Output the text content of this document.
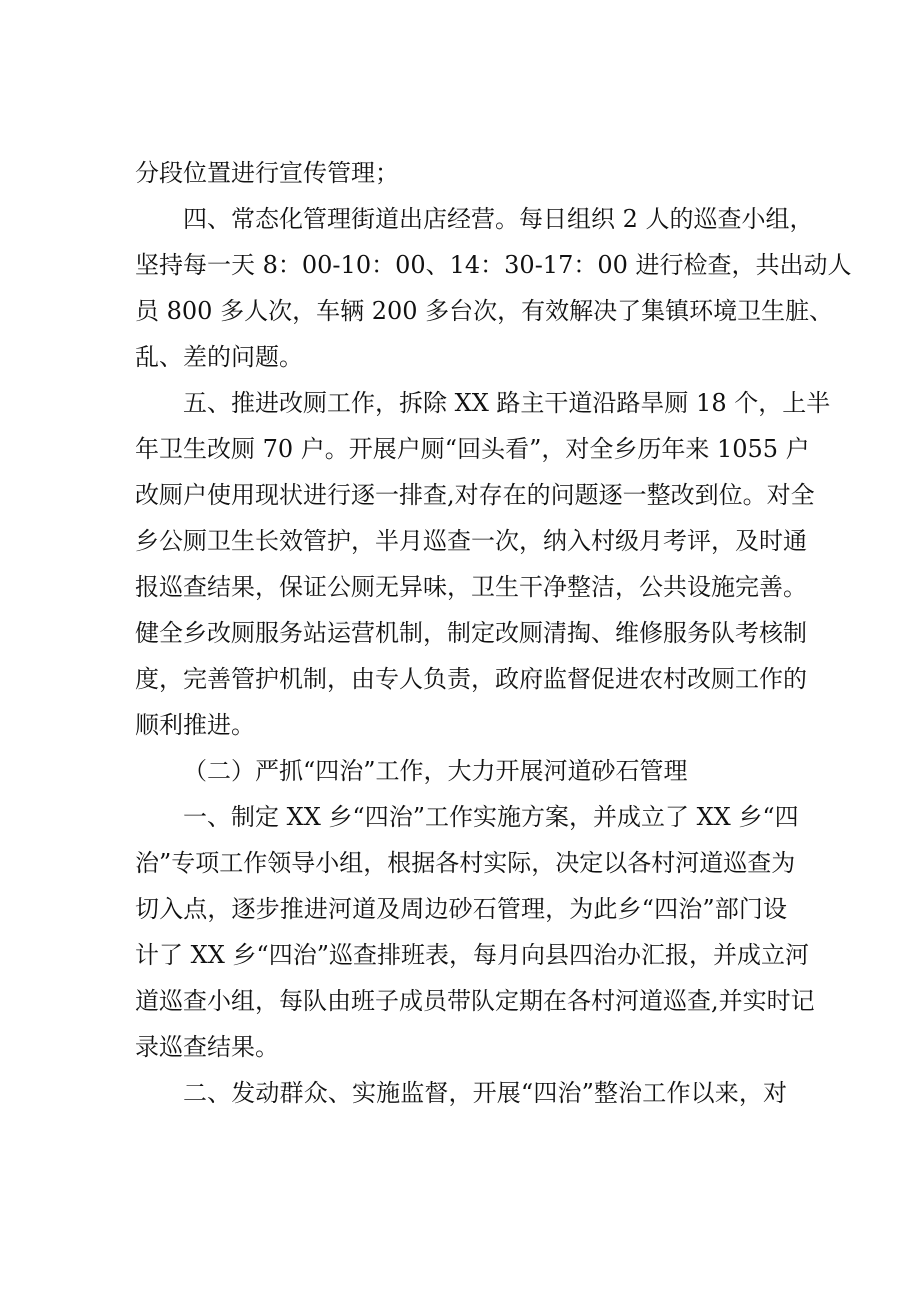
分段位置进行宣传管理；
四、常态化管理街道出店经营。每日组织 2 人的巡查小组，
坚持每一天 8：00-10：00、14：30-17：00 进行检查，共出动人
员 800 多人次，车辆 200 多台次，有效解决了集镇环境卫生脏、
乱、差的问题。
五、推进改厕工作，拆除 XX 路主干道沿路旱厕 18 个，上半
年卫生改厕 70 户。开展户厕“回头看”，对全乡历年来 1055 户
改厕户使用现状进行逐一排查,对存在的问题逐一整改到位。对全
乡公厕卫生长效管护，半月巡查一次，纳入村级月考评，及时通
报巡查结果，保证公厕无异味，卫生干净整洁，公共设施完善。
健全乡改厕服务站运营机制，制定改厕清掏、维修服务队考核制
度，完善管护机制，由专人负责，政府监督促进农村改厕工作的
顺利推进。
（二）严抓“四治”工作，大力开展河道砂石管理
一、制定 XX 乡“四治”工作实施方案，并成立了 XX 乡“四
治”专项工作领导小组，根据各村实际，决定以各村河道巡查为
切入点，逐步推进河道及周边砂石管理，为此乡“四治”部门设
计了 XX 乡“四治”巡查排班表，每月向县四治办汇报，并成立河
道巡查小组，每队由班子成员带队定期在各村河道巡查,并实时记
录巡查结果。
二、发动群众、实施监督，开展“四治”整治工作以来，对
